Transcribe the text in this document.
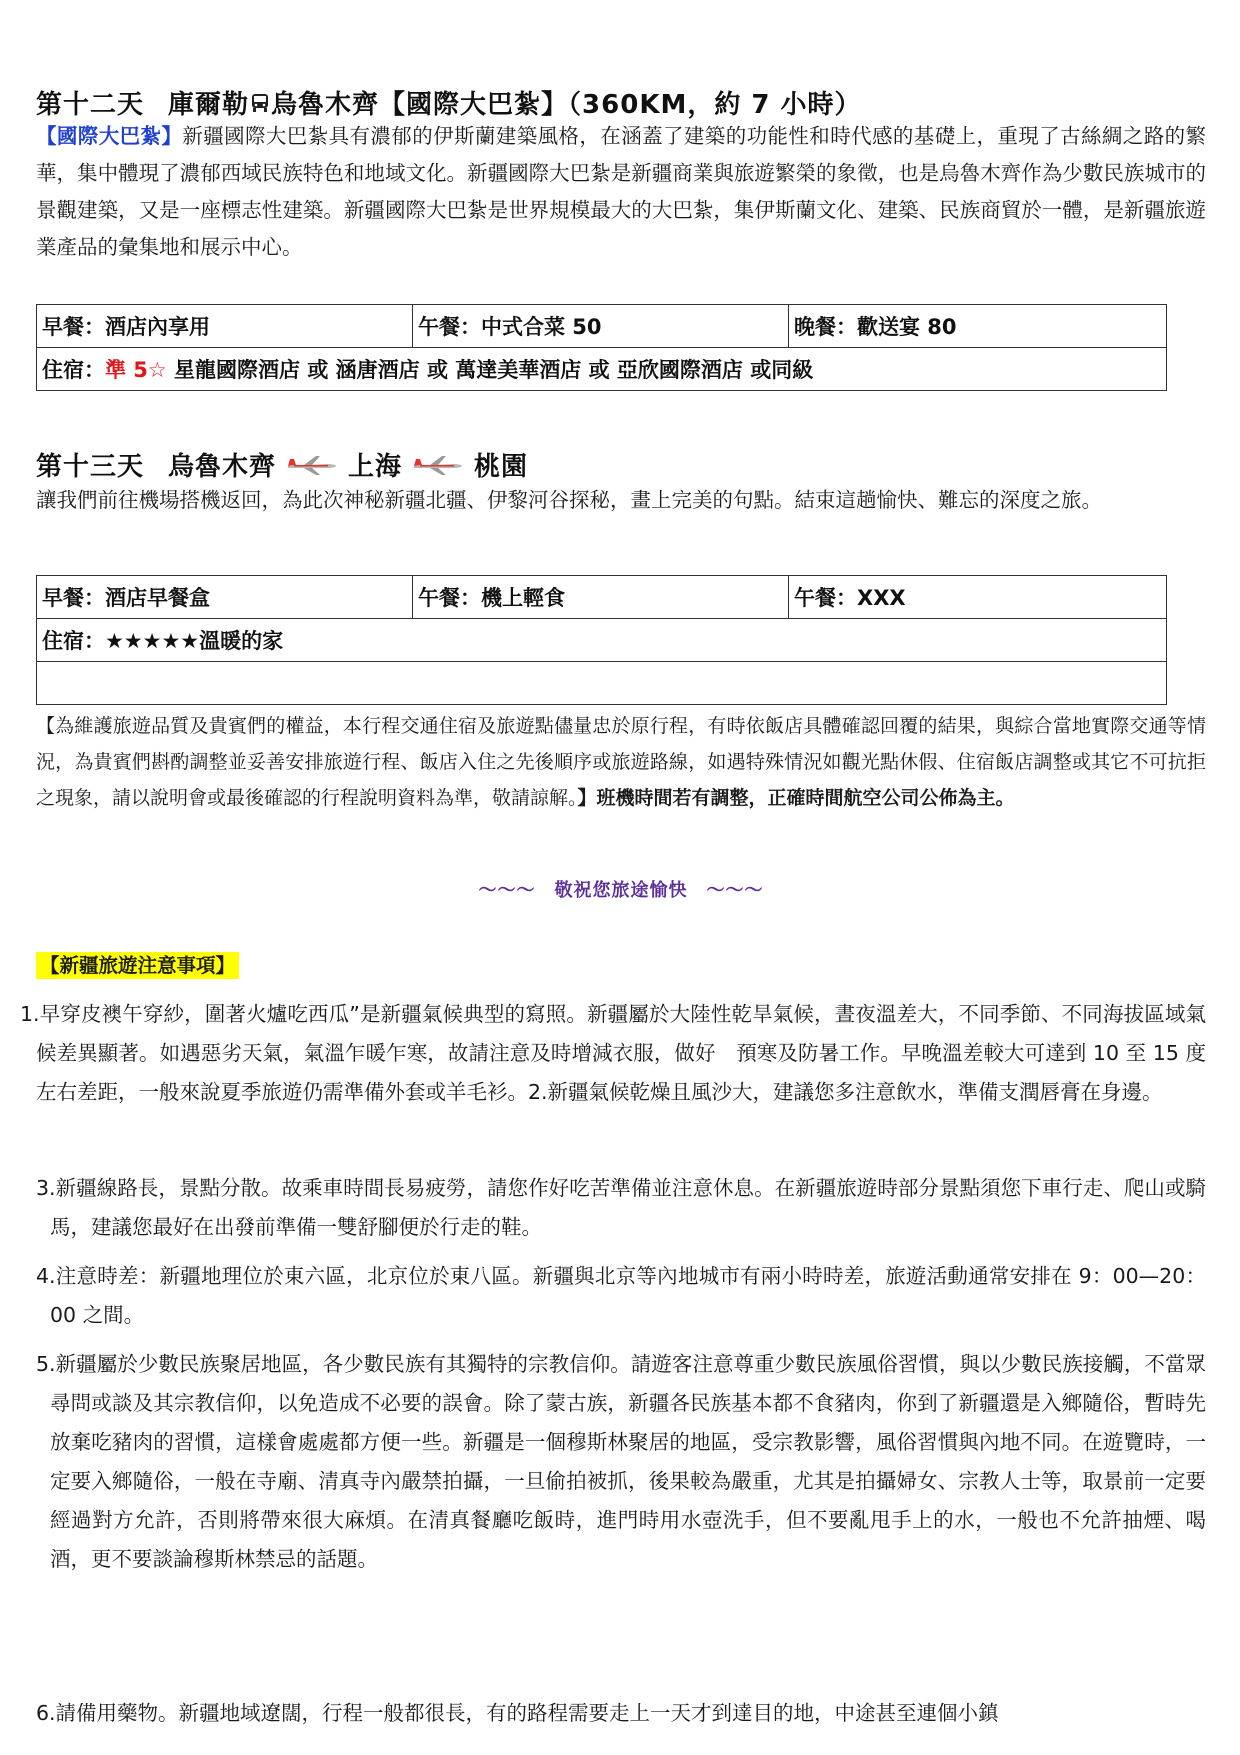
第十二天 庫爾勒 烏魯木齊【國際大巴紮】（360KM，約 7 小時）
【國際大巴紮】新疆國際大巴紮具有濃郁的伊斯蘭建築風格，在涵蓋了建築的功能性和時代感的基礎上，重現了古絲綢之路的繁華，集中體現了濃郁西域民族特色和地域文化。新疆國際大巴紮是新疆商業與旅遊繁榮的象徵，也是烏魯木齊作為少數民族城市的景觀建築，又是一座標志性建築。新疆國際大巴紮是世界規模最大的大巴紮，集伊斯蘭文化、建築、民族商貿於一體，是新疆旅遊業產品的彙集地和展示中心。
早餐：酒店內享用	午餐：中式合菜 50	晚餐：歡送宴 80
住宿：準 5☆ 星龍國際酒店 或 涵唐酒店 或 萬達美華酒店 或 亞欣國際酒店 或同級
第十三天 烏魯木齊	上海	桃園
讓我們前往機場搭機返回，為此次神秘新疆北疆、伊黎河谷探秘，畫上完美的句點。結束這趟愉快、難忘的深度之旅。
早餐：酒店早餐盒	午餐：機上輕食	午餐：XXX
住宿：★★★★★溫暖的家

【為維護旅遊品質及貴賓們的權益，本行程交通住宿及旅遊點儘量忠於原行程，有時依飯店具體確認回覆的結果，與綜合當地實際交通等情況，為貴賓們斟酌調整並妥善安排旅遊行程、飯店入住之先後順序或旅遊路線，如遇特殊情況如觀光點休假、住宿飯店調整或其它不可抗拒之現象，請以說明會或最後確認的行程說明資料為準，敬請諒解。】班機時間若有調整，正確時間航空公司公佈為主。
～～～　敬祝您旅途愉快　～～～
【新疆旅遊注意事項】
1.早穿皮襖午穿紗，圍著火爐吃西瓜”是新疆氣候典型的寫照。新疆屬於大陸性乾旱氣候，晝夜溫差大，不同季節、不同海拔區域氣候差異顯著。如遇惡劣天氣，氣溫乍暖乍寒，故請注意及時增減衣服，做好　預寒及防暑工作。早晚溫差較大可達到 10 至 15 度左右差距，一般來說夏季旅遊仍需準備外套或羊毛衫。2.新疆氣候乾燥且風沙大，建議您多注意飲水，準備支潤唇膏在身邊。
3.新疆線路長，景點分散。故乘車時間長易疲勞，請您作好吃苦準備並注意休息。在新疆旅遊時部分景點須您下車行走、爬山或騎馬，建議您最好在出發前準備一雙舒腳便於行走的鞋。
4.注意時差：新疆地理位於東六區，北京位於東八區。新疆與北京等內地城市有兩小時時差，旅遊活動通常安排在 9：00—20：00 之間。
5.新疆屬於少數民族聚居地區，各少數民族有其獨特的宗教信仰。請遊客注意尊重少數民族風俗習慣，與以少數民族接觸，不當眾尋問或談及其宗教信仰，以免造成不必要的誤會。除了蒙古族，新疆各民族基本都不食豬肉，你到了新疆還是入鄉隨俗，暫時先放棄吃豬肉的習慣，這樣會處處都方便一些。新疆是一個穆斯林聚居的地區，受宗教影響，風俗習慣與內地不同。在遊覽時，一定要入鄉隨俗，一般在寺廟、清真寺內嚴禁拍攝，一旦偷拍被抓，後果較為嚴重，尤其是拍攝婦女、宗教人士等，取景前一定要經過對方允許，否則將帶來很大麻煩。在清真餐廳吃飯時，進門時用水壺洗手，但不要亂甩手上的水，一般也不允許抽煙、喝酒，更不要談論穆斯林禁忌的話題。
6.請備用藥物。新疆地域遼闊，行程一般都很長，有的路程需要走上一天才到達目的地，中途甚至連個小鎮
